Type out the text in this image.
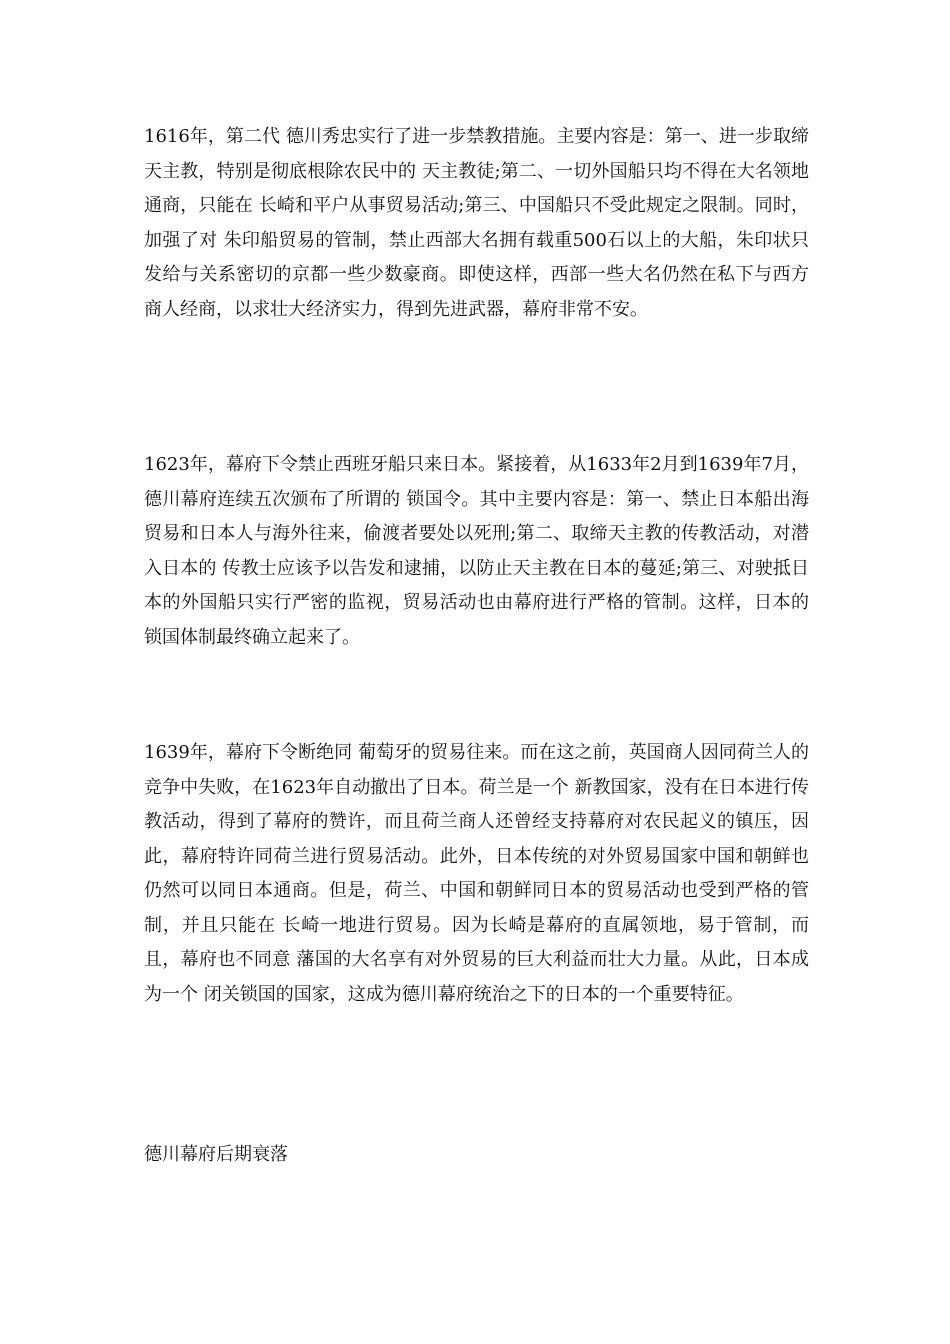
1616年，第二代 德川秀忠实行了进一步禁教措施。主要内容是：第一、进一步取缔 天主教，特别是彻底根除农民中的 天主教徒;第二、一切外国船只均不得在大名领地 通商，只能在 长崎和平户从事贸易活动;第三、中国船只不受此规定之限制。同时，加强了对 朱印船贸易的管制，禁止西部大名拥有载重500石以上的大船，朱印状只发给与关系密切的京都一些少数豪商。即使这样，西部一些大名仍然在私下与西方商人经商，以求壮大经济实力，得到先进武器，幕府非常不安。

1623年，幕府下令禁止西班牙船只来日本。紧接着，从1633年2月到1639年7月，德川幕府连续五次颁布了所谓的 锁国令。其中主要内容是：第一、禁止日本船出海贸易和日本人与海外往来，偷渡者要处以死刑;第二、取缔天主教的传教活动，对潜入日本的 传教士应该予以告发和逮捕，以防止天主教在日本的蔓延;第三、对驶抵日本的外国船只实行严密的监视，贸易活动也由幕府进行严格的管制。这样，日本的锁国体制最终确立起来了。

1639年，幕府下令断绝同 葡萄牙的贸易往来。而在这之前，英国商人因同荷兰人的竞争中失败，在1623年自动撤出了日本。荷兰是一个 新教国家，没有在日本进行传教活动，得到了幕府的赞许，而且荷兰商人还曾经支持幕府对农民起义的镇压，因此，幕府特许同荷兰进行贸易活动。此外，日本传统的对外贸易国家中国和朝鲜也仍然可以同日本通商。但是，荷兰、中国和朝鲜同日本的贸易活动也受到严格的管制，并且只能在 长崎一地进行贸易。因为长崎是幕府的直属领地，易于管制，而且，幕府也不同意 藩国的大名享有对外贸易的巨大利益而壮大力量。从此，日本成为一个 闭关锁国的国家，这成为德川幕府统治之下的日本的一个重要特征。

德川幕府后期衰落
